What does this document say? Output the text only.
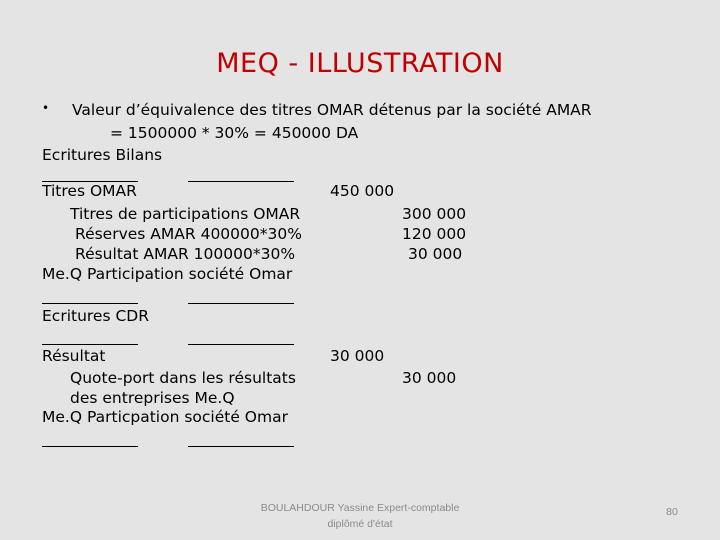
MEQ - ILLUSTRATION
• Valeur d’équivalence des titres OMAR détenus par la société AMAR
= 1500000 * 30% = 450000 DA
Ecritures Bilans
Titres OMAR	450 000
Titres de participations OMAR	300 000
Réserves AMAR 400000*30%	120 000
Résultat AMAR 100000*30%	30 000
Me.Q Participation société Omar
Ecritures CDR
Résultat	30 000
Quote-port dans les résultats	30 000
des entreprises Me.Q
Me.Q Particpation société Omar
BOULAHDOUR Yassine Expert-comptable
diplômé d'état
80
